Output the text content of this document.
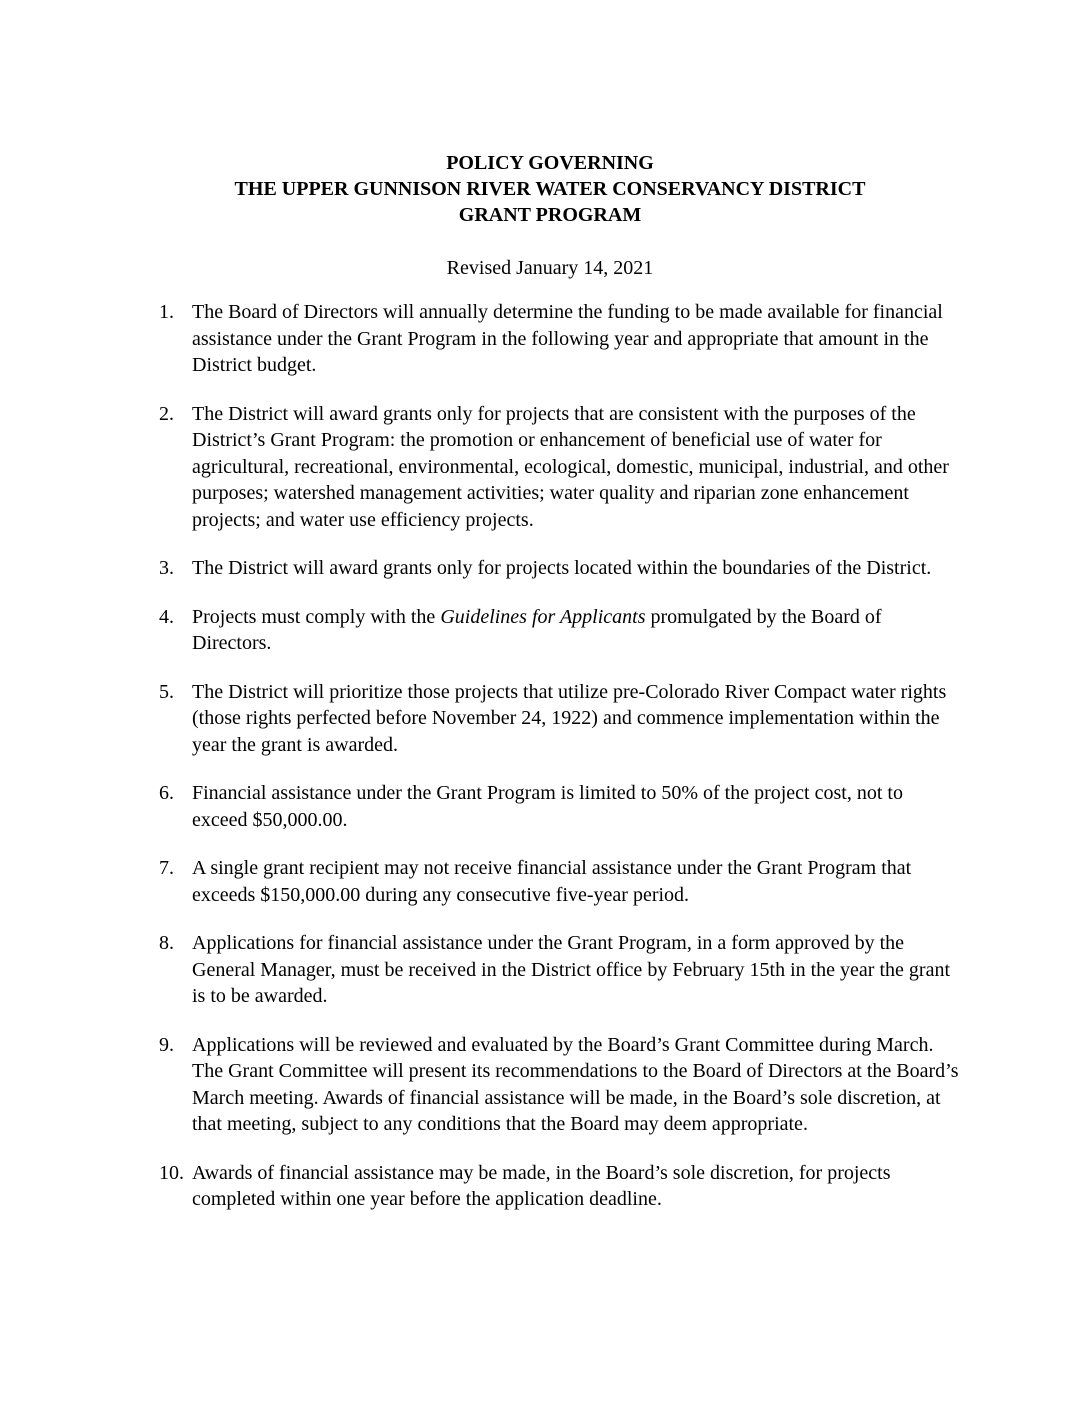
POLICY GOVERNING
THE UPPER GUNNISON RIVER WATER CONSERVANCY DISTRICT
GRANT PROGRAM
Revised January 14, 2021
1. The Board of Directors will annually determine the funding to be made available for financial assistance under the Grant Program in the following year and appropriate that amount in the District budget.
2. The District will award grants only for projects that are consistent with the purposes of the District’s Grant Program: the promotion or enhancement of beneficial use of water for agricultural, recreational, environmental, ecological, domestic, municipal, industrial, and other purposes; watershed management activities; water quality and riparian zone enhancement projects; and water use efficiency projects.
3. The District will award grants only for projects located within the boundaries of the District.
4. Projects must comply with the Guidelines for Applicants promulgated by the Board of Directors.
5. The District will prioritize those projects that utilize pre-Colorado River Compact water rights (those rights perfected before November 24, 1922) and commence implementation within the year the grant is awarded.
6. Financial assistance under the Grant Program is limited to 50% of the project cost, not to exceed $50,000.00.
7. A single grant recipient may not receive financial assistance under the Grant Program that exceeds $150,000.00 during any consecutive five-year period.
8. Applications for financial assistance under the Grant Program, in a form approved by the General Manager, must be received in the District office by February 15th in the year the grant is to be awarded.
9. Applications will be reviewed and evaluated by the Board’s Grant Committee during March. The Grant Committee will present its recommendations to the Board of Directors at the Board’s March meeting. Awards of financial assistance will be made, in the Board’s sole discretion, at that meeting, subject to any conditions that the Board may deem appropriate.
10. Awards of financial assistance may be made, in the Board’s sole discretion, for projects completed within one year before the application deadline.
